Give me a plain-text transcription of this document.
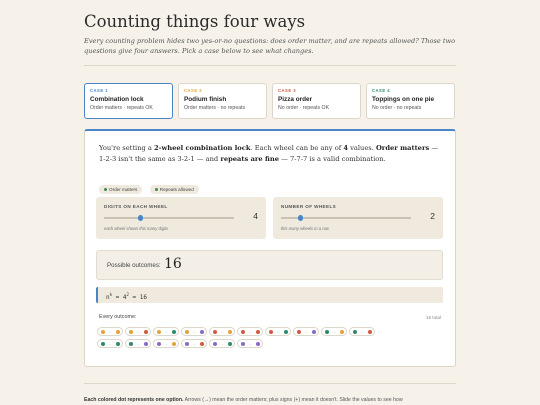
Counting things four ways

Every counting problem hides two yes-or-no questions: does order matter, and are repeats allowed? Those two questions give four answers. Pick a case below to see what changes.

CASE 1
Combination lock
Order matters · repeats OK
CASE 2
Podium finish
Order matters · no repeats
CASE 3
Pizza order
No order · repeats OK
CASE 4
Toppings on one pie
No order · no repeats

You're setting a 2-wheel combination lock. Each wheel can be any of 4 values. Order matters — 1-2-3 isn't the same as 3-2-1 — and repeats are fine — 7-7-7 is a valid combination.

Order matters	Repeats allowed
DIGITS ON EACH WHEEL
4
each wheel shows this many digits
NUMBER OF WHEELS
2
this many wheels in a row
Possible outcomes: 16
$n^k = 4^2 = 16$
Every outcome:	16 total
→	→	→	→	→	→	→	→	→	→
→	→	→	→	→	→

Each colored dot represents one option. Arrows (→) mean the order matters; plus signs (+) mean it doesn't. Slide the values to see how
